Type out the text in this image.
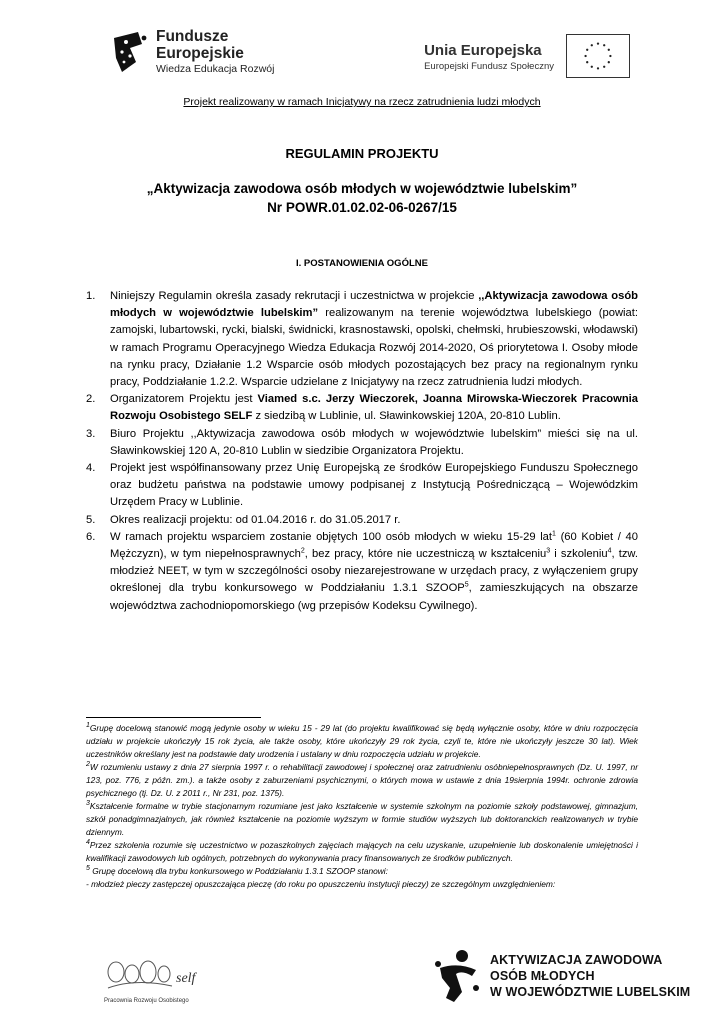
Fundusze
Europejskie
Wiedza Edukacja Rozwój
Unia Europejska
Europejski Fundusz Społeczny
Projekt realizowany w ramach Inicjatywy na rzecz zatrudnienia ludzi młodych
REGULAMIN PROJEKTU
„Aktywizacja zawodowa osób młodych w województwie lubelskim”
Nr POWR.01.02.02-06-0267/15
I. POSTANOWIENIA OGÓLNE
1. Niniejszy Regulamin określa zasady rekrutacji i uczestnictwa w projekcie ,,Aktywizacja zawodowa osób młodych w województwie lubelskim” realizowanym na terenie województwa lubelskiego (powiat: zamojski, lubartowski, rycki, bialski, świdnicki, krasnostawski, opolski, chełmski, hrubieszowski, włodawski) w ramach Programu Operacyjnego Wiedza Edukacja Rozwój 2014-2020, Oś priorytetowa I. Osoby młode na rynku pracy, Działanie 1.2 Wsparcie osób młodych pozostających bez pracy na regionalnym rynku pracy, Poddziałanie 1.2.2. Wsparcie udzielane z Inicjatywy na rzecz zatrudnienia ludzi młodych.
2. Organizatorem Projektu jest Viamed s.c. Jerzy Wieczorek, Joanna Mirowska-Wieczorek Pracownia Rozwoju Osobistego SELF z siedzibą w Lublinie, ul. Sławinkowskiej 120A, 20-810 Lublin.
3. Biuro Projektu ,,Aktywizacja zawodowa osób młodych w województwie lubelskim” mieści się na ul. Sławinkowskiej 120 A, 20-810 Lublin w siedzibie Organizatora Projektu.
4. Projekt jest współfinansowany przez Unię Europejską ze środków Europejskiego Funduszu Społecznego oraz budżetu państwa na podstawie umowy podpisanej z Instytucją Pośredniczącą – Wojewódzkim Urzędem Pracy w Lublinie.
5. Okres realizacji projektu: od 01.04.2016 r. do 31.05.2017 r.
6. W ramach projektu wsparciem zostanie objętych 100 osób młodych w wieku 15-29 lat$^1$ (60 Kobiet / 40 Mężczyzn), w tym niepełnosprawnych$^2$, bez pracy, które nie uczestniczą w kształceniu$^3$ i szkoleniu$^4$, tzw. młodzież NEET, w tym w szczególności osoby niezarejestrowane w urzędach pracy, z wyłączeniem grupy określonej dla trybu konkursowego w Poddziałaniu 1.3.1 SZOOP$^5$, zamieszkujących na obszarze województwa zachodniopomorskiego (wg przepisów Kodeksu Cywilnego).

$^1$Grupę docelową stanowić mogą jedynie osoby w wieku 15 - 29 lat (do projektu kwalifikować się będą wyłącznie osoby, które w dniu rozpoczęcia udziału w projekcie ukończyły 15 rok życia, ale także osoby, które ukończyły 29 rok życia, czyli te, które nie ukończyły jeszcze 30 lat). Wiek uczestników określany jest na podstawie daty urodzenia i ustalany w dniu rozpoczęcia udziału w projekcie.

$^2$W rozumieniu ustawy z dnia 27 sierpnia 1997 r. o rehabilitacji zawodowej i społecznej oraz zatrudnieniu osóbniepełnosprawnych (Dz. U. 1997, nr 123, poz. 776, z późn. zm.). a także osoby z zaburzeniami psychicznymi, o których mowa w ustawie z dnia 19sierpnia 1994r. ochronie zdrowia psychicznego (tj. Dz. U. z 2011 r., Nr 231, poz. 1375).

$^3$Kształcenie formalne w trybie stacjonarnym rozumiane jest jako kształcenie w systemie szkolnym na poziomie szkoły podstawowej, gimnazjum, szkół ponadgimnazjalnych, jak również kształcenie na poziomie wyższym w formie studiów wyższych lub doktoranckich realizowanych w trybie dziennym.

$^4$Przez szkolenia rozumie się uczestnictwo w pozaszkolnych zajęciach mających na celu uzyskanie, uzupełnienie lub doskonalenie umiejętności i kwalifikacji zawodowych lub ogólnych, potrzebnych do wykonywania pracy finansowanych ze środków publicznych.

$^5$ Grupę docelową dla trybu konkursowego w Poddziałaniu 1.3.1 SZOOP stanowi:

- młodzież pieczy zastępczej opuszczająca pieczę (do roku po opuszczeniu instytucji pieczy) ze szczególnym uwzględnieniem:

self
Pracownia Rozwoju Osobistego
AKTYWIZACJA ZAWODOWA
OSÓB MŁODYCH
W WOJEWÓDZTWIE LUBELSKIM
